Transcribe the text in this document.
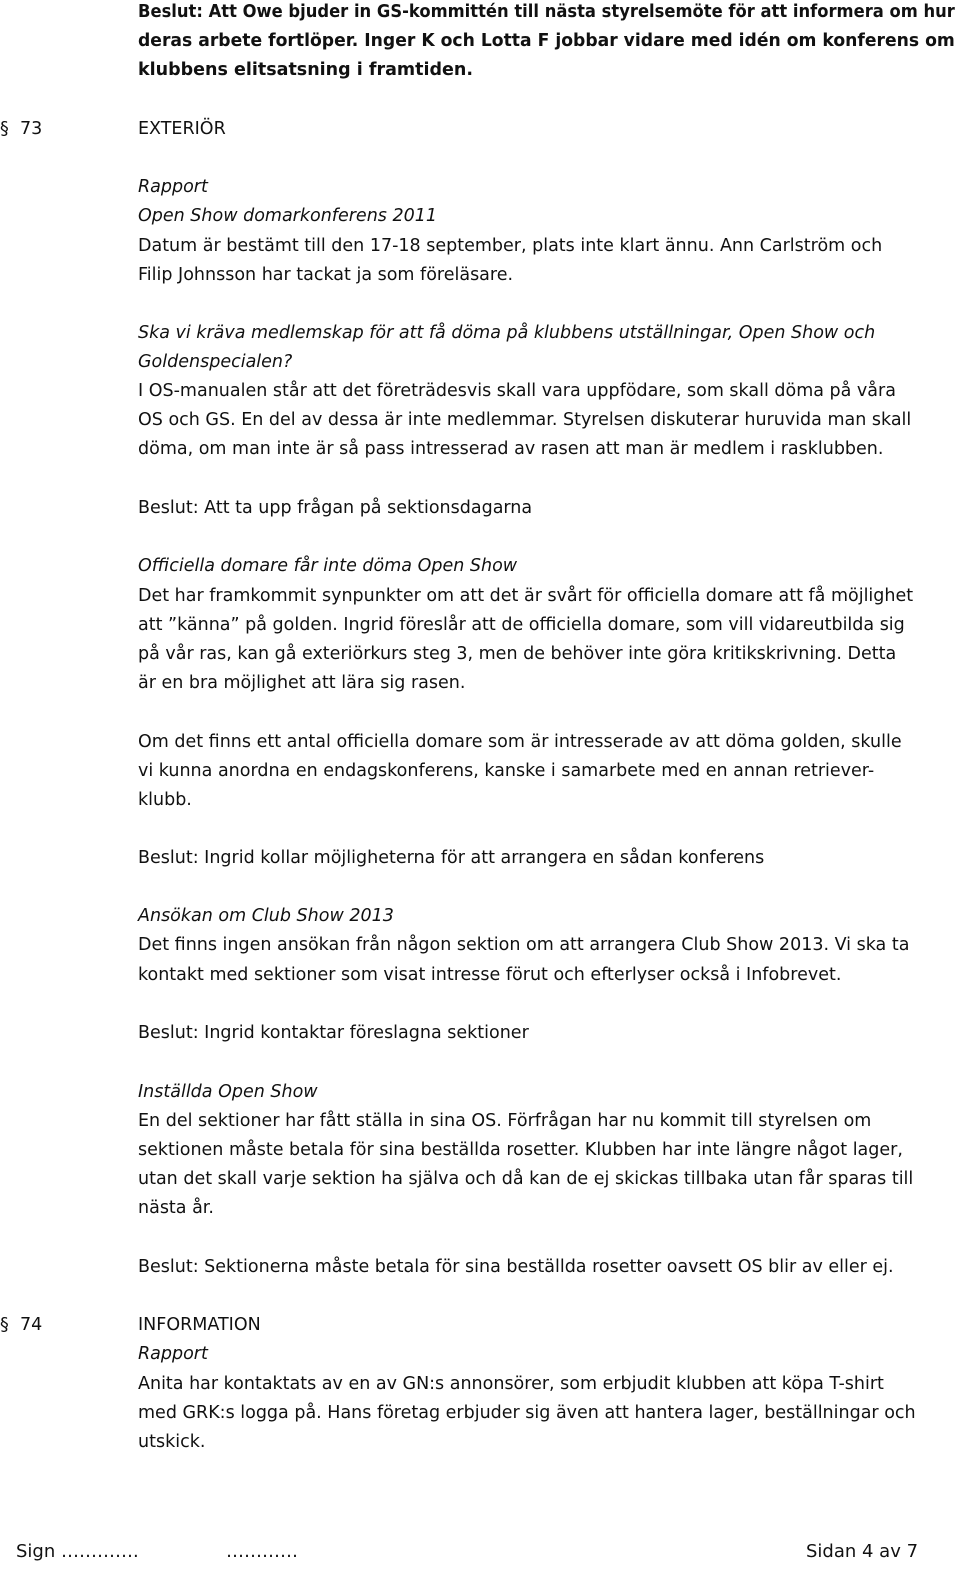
Beslut: Att Owe bjuder in GS-kommittén till nästa styrelsemöte för att informera om hur
deras arbete fortlöper. Inger K och Lotta F jobbar vidare med idén om konferens om
klubbens elitsatsning i framtiden.
§ 73	EXTERIÖR
Rapport
Open Show domarkonferens 2011
Datum är bestämt till den 17-18 september, plats inte klart ännu. Ann Carlström och
Filip Johnsson har tackat ja som föreläsare.
Ska vi kräva medlemskap för att få döma på klubbens utställningar, Open Show och
Goldenspecialen?
I OS-manualen står att det företrädesvis skall vara uppfödare, som skall döma på våra
OS och GS. En del av dessa är inte medlemmar. Styrelsen diskuterar huruvida man skall
döma, om man inte är så pass intresserad av rasen att man är medlem i rasklubben.
Beslut: Att ta upp frågan på sektionsdagarna
Officiella domare får inte döma Open Show
Det har framkommit synpunkter om att det är svårt för officiella domare att få möjlighet
att ”känna” på golden. Ingrid föreslår att de officiella domare, som vill vidareutbilda sig
på vår ras, kan gå exteriörkurs steg 3, men de behöver inte göra kritikskrivning. Detta
är en bra möjlighet att lära sig rasen.
Om det finns ett antal officiella domare som är intresserade av att döma golden, skulle
vi kunna anordna en endagskonferens, kanske i samarbete med en annan retriever-
klubb.
Beslut: Ingrid kollar möjligheterna för att arrangera en sådan konferens
Ansökan om Club Show 2013
Det finns ingen ansökan från någon sektion om att arrangera Club Show 2013. Vi ska ta
kontakt med sektioner som visat intresse förut och efterlyser också i Infobrevet.
Beslut: Ingrid kontaktar föreslagna sektioner
Inställda Open Show
En del sektioner har fått ställa in sina OS. Förfrågan har nu kommit till styrelsen om
sektionen måste betala för sina beställda rosetter. Klubben har inte längre något lager,
utan det skall varje sektion ha själva och då kan de ej skickas tillbaka utan får sparas till
nästa år.
Beslut: Sektionerna måste betala för sina beställda rosetter oavsett OS blir av eller ej.
§ 74	INFORMATION
Rapport
Anita har kontaktats av en av GN:s annonsörer, som erbjudit klubben att köpa T-shirt
med GRK:s logga på. Hans företag erbjuder sig även att hantera lager, beställningar och
utskick.
Sign ………….	…………	Sidan 4 av 7
